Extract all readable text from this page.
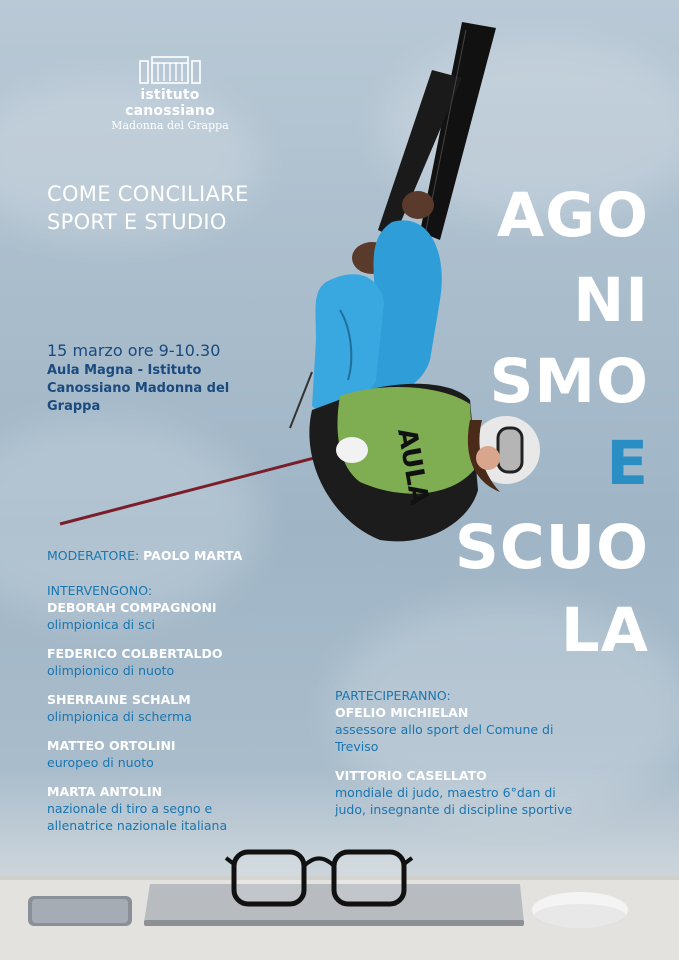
istituto canossiano
Madonna del Grappa
COME CONCILIARE
SPORT E STUDIO
15 marzo ore 9-10.30
Aula Magna - Istituto Canossiano Madonna del Grappa
AULA
AGO
NI
SMO
E
SCUO
LA
MODERATORE: PAOLO MARTA
INTERVENGONO:
DEBORAH COMPAGNONI
olimpionica di sci
FEDERICO COLBERTALDO
olimpionico di nuoto
SHERRAINE SCHALM
olimpionica di scherma
MATTEO ORTOLINI
europeo di nuoto
MARTA ANTOLIN
nazionale di tiro a segno e allenatrice nazionale italiana
PARTECIPERANNO:
OFELIO MICHIELAN
assessore allo sport del Comune di Treviso
VITTORIO CASELLATO
mondiale di judo, maestro 6°dan di judo, insegnante di discipline sportive
